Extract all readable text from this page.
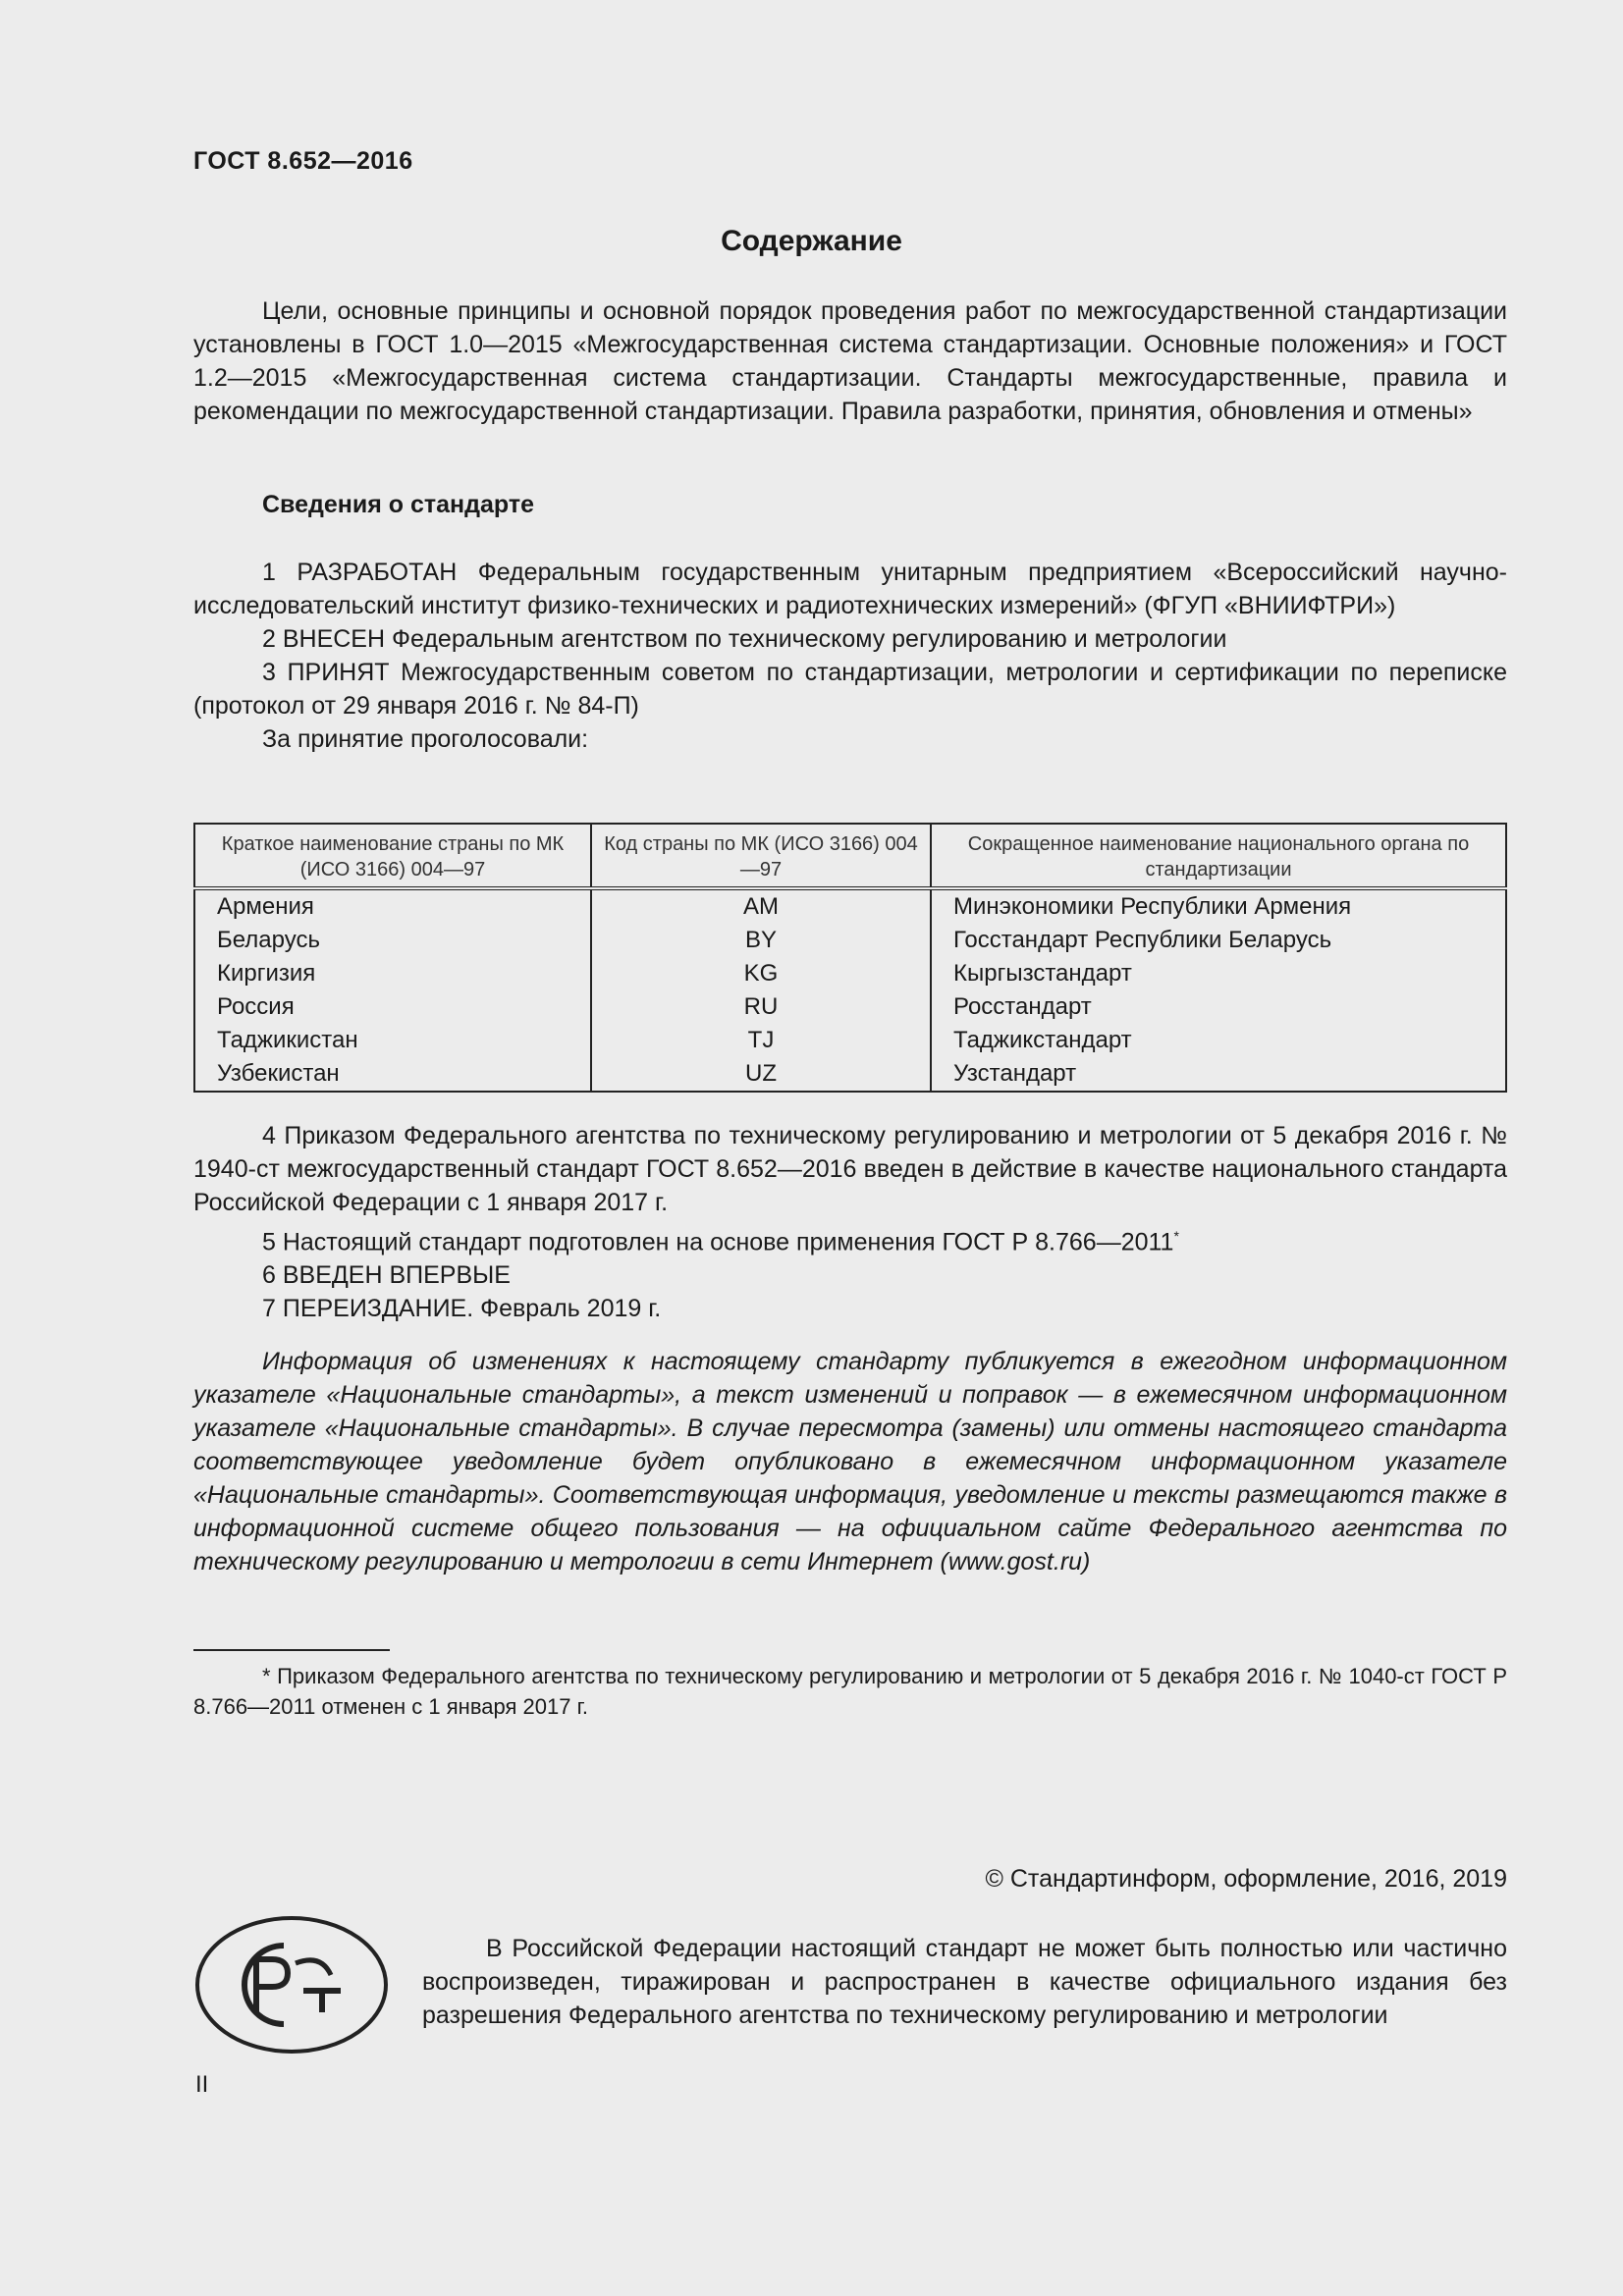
ГОСТ 8.652—2016
Содержание

Цели, основные принципы и основной порядок проведения работ по межгосударственной стандартизации установлены в ГОСТ 1.0—2015 «Межгосударственная система стандартизации. Основные положения» и ГОСТ 1.2—2015 «Межгосударственная система стандартизации. Стандарты межгосударственные, правила и рекомендации по межгосударственной стандартизации. Правила разработки, принятия, обновления и отмены»

Сведения о стандарте

1 РАЗРАБОТАН Федеральным государственным унитарным предприятием «Всероссийский научно-исследовательский институт физико-технических и радиотехнических измерений» (ФГУП «ВНИИФТРИ»)

2 ВНЕСЕН Федеральным агентством по техническому регулированию и метрологии

3 ПРИНЯТ Межгосударственным советом по стандартизации, метрологии и сертификации по переписке (протокол от 29 января 2016 г. № 84-П)

За принятие проголосовали:

Краткое наименование страны по МК (ИСО 3166) 004—97	Код страны по МК (ИСО 3166) 004—97	Сокращенное наименование национального органа по стандартизации
Армения	AM	Минэкономики Республики Армения
Беларусь	BY	Госстандарт Республики Беларусь
Киргизия	KG	Кыргызстандарт
Россия	RU	Росстандарт
Таджикистан	TJ	Таджикстандарт
Узбекистан	UZ	Узстандарт

4 Приказом Федерального агентства по техническому регулированию и метрологии от 5 декабря 2016 г. № 1940-ст межгосударственный стандарт ГОСТ 8.652—2016 введен в действие в качестве национального стандарта Российской Федерации с 1 января 2017 г.

5 Настоящий стандарт подготовлен на основе применения ГОСТ Р 8.766—2011*

6 ВВЕДЕН ВПЕРВЫЕ

7 ПЕРЕИЗДАНИЕ. Февраль 2019 г.

Информация об изменениях к настоящему стандарту публикуется в ежегодном информационном указателе «Национальные стандарты», а текст изменений и поправок — в ежемесячном информационном указателе «Национальные стандарты». В случае пересмотра (замены) или отмены настоящего стандарта соответствующее уведомление будет опубликовано в ежемесячном информационном указателе «Национальные стандарты». Соответствующая информация, уведомление и тексты размещаются также в информационной системе общего пользования — на официальном сайте Федерального агентства по техническому регулированию и метрологии в сети Интернет (www.gost.ru)

* Приказом Федерального агентства по техническому регулированию и метрологии от 5 декабря 2016 г. № 1040-ст ГОСТ Р 8.766—2011 отменен с 1 января 2017 г.

© Стандартинформ, оформление, 2016, 2019

В Российской Федерации настоящий стандарт не может быть полностью или частично воспроизведен, тиражирован и распространен в качестве официального издания без разрешения Федерального агентства по техническому регулированию и метрологии

II
